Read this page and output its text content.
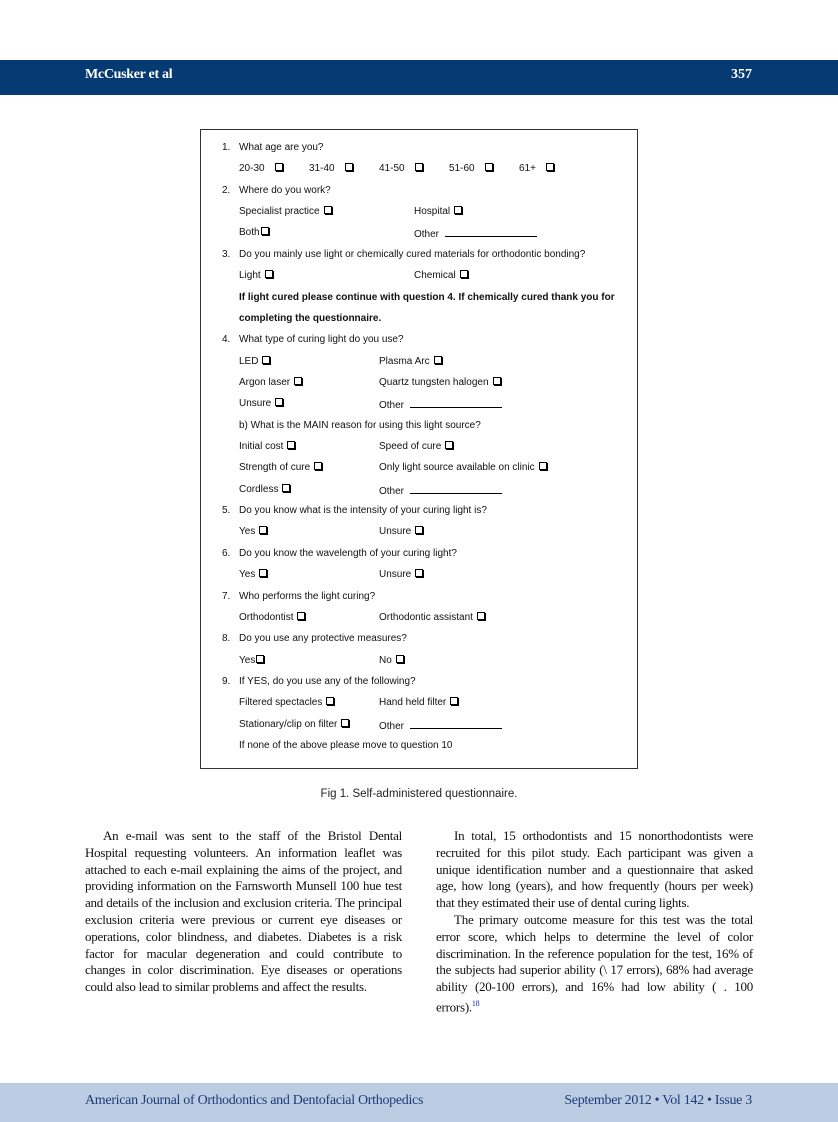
McCusker et al	357
1. What age are you?
20-30	31-40	41-50	51-60	61+
2. Where do you work?
Specialist practice	Hospital
Both	Other
3. Do you mainly use light or chemically cured materials for orthodontic bonding?
Light	Chemical
If light cured please continue with question 4. If chemically cured thank you for
completing the questionnaire.
4. What type of curing light do you use?
LED	Plasma Arc
Argon laser	Quartz tungsten halogen
Unsure	Other
b) What is the MAIN reason for using this light source?
Initial cost	Speed of cure
Strength of cure	Only light source available on clinic
Cordless	Other
5. Do you know what is the intensity of your curing light is?
Yes	Unsure
6. Do you know the wavelength of your curing light?
Yes	Unsure
7. Who performs the light curing?
Orthodontist	Orthodontic assistant
8. Do you use any protective measures?
Yes	No
9. If YES, do you use any of the following?
Filtered spectacles	Hand held filter
Stationary/clip on filter	Other
If none of the above please move to question 10
Fig 1. Self-administered questionnaire.

An e-mail was sent to the staff of the Bristol Dental Hospital requesting volunteers. An information leaflet was attached to each e-mail explaining the aims of the project, and providing information on the Farnsworth Munsell 100 hue test and details of the inclusion and exclusion criteria. The principal exclusion criteria were previous or current eye diseases or operations, color blindness, and diabetes. Diabetes is a risk factor for macular degeneration and could contribute to changes in color discrimination. Eye diseases or operations could also lead to similar problems and affect the results.

In total, 15 orthodontists and 15 nonorthodontists were recruited for this pilot study. Each participant was given a unique identification number and a questionnaire that asked age, how long (years), and how frequently (hours per week) that they estimated their use of dental curing lights.

The primary outcome measure for this test was the total error score, which helps to determine the level of color discrimination. In the reference population for the test, 16% of the subjects had superior ability (\ 17 errors), 68% had average ability (20-100 errors), and 16% had low ability ( . 100 errors).$^{18}$

American Journal of Orthodontics and Dentofacial Orthopedics	September 2012 • Vol 142 • Issue 3
